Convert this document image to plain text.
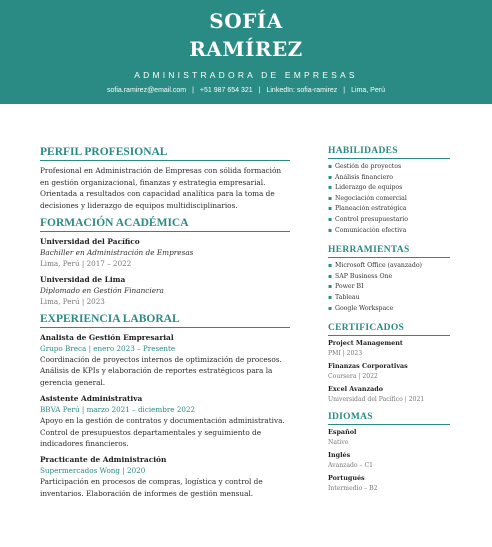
SOFÍA
RAMÍREZ
ADMINISTRADORA DE EMPRESAS
sofia.ramirez@email.com | +51 987 654 321 | LinkedIn: sofia-ramirez | Lima, Perú
PERFIL PROFESIONAL
Profesional en Administración de Empresas con sólida formación en gestión organizacional, finanzas y estrategia empresarial. Orientada a resultados con capacidad analítica para la toma de decisiones y liderazgo de equipos multidisciplinarios.
FORMACIÓN ACADÉMICA
Universidad del Pacífico
Bachiller en Administración de Empresas
Lima, Perú | 2017 – 2022
Universidad de Lima
Diplomado en Gestión Financiera
Lima, Perú | 2023
EXPERIENCIA LABORAL
Analista de Gestión Empresarial
Grupo Breca | enero 2023 – Presente
Coordinación de proyectos internos de optimización de procesos. Análisis de KPIs y elaboración de reportes estratégicos para la gerencia general.
Asistente Administrativa
BBVA Perú | marzo 2021 – diciembre 2022
Apoyo en la gestión de contratos y documentación administrativa. Control de presupuestos departamentales y seguimiento de indicadores financieros.
Practicante de Administración
Supermercados Wong | 2020
Participación en procesos de compras, logística y control de inventarios. Elaboración de informes de gestión mensual.
HABILIDADES
▪ Gestión de proyectos
▪ Análisis financiero
▪ Liderazgo de equipos
▪ Negociación comercial
▪ Planeación estratégica
▪ Control presupuestario
▪ Comunicación efectiva
HERRAMIENTAS
▪ Microsoft Office (avanzado)
▪ SAP Business One
▪ Power BI
▪ Tableau
▪ Google Workspace
CERTIFICADOS
Project Management
PMI | 2023
Finanzas Corporativas
Coursera | 2022
Excel Avanzado
Universidad del Pacífico | 2021
IDIOMAS
Español
Nativo
Inglés
Avanzado – C1
Portugués
Intermedio – B2
